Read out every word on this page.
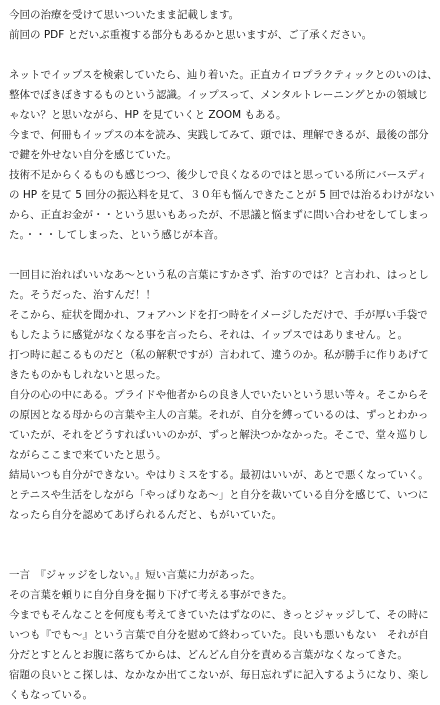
今回の治療を受けて思いついたまま記載します。
前回の PDF とだいぶ重複する部分もあるかと思いますが、ご了承ください。
ネットでイップスを検索していたら、辿り着いた。正直カイロプラクティックとのいのは、
整体でぼきぼきするものという認識。イップスって、メンタルトレーニングとかの領域じ
ゃない？と思いながら、HP を見ていくと ZOOM もある。
今まで、何冊もイップスの本を読み、実践してみて、頭では、理解できるが、最後の部分
で鍵を外せない自分を感じていた。
技術不足からくるものも感じつつ、後少しで良くなるのではと思っている所にバースディ
の HP を見て 5 回分の振込料を見て、３０年も悩んできたことが 5 回では治るわけがない
から、正直お金が・・という思いもあったが、不思議と悩まずに問い合わせをしてしまっ
た。・・・してしまった、という感じが本音。
一回目に治ればいいなあ〜という私の言葉にすかさず、治すのでは？と言われ、はっとし
た。そうだった、治すんだ！！
そこから、症状を聞かれ、フォアハンドを打つ時をイメージしただけで、手が厚い手袋で
もしたように感覚がなくなる事を言ったら、それは、イップスではありません。と。
打つ時に起こるものだと（私の解釈ですが）言われて、違うのか。私が勝手に作りあげて
きたものかもしれないと思った。
自分の心の中にある。プライドや他者からの良き人でいたいという思い等々。そこからそ
の原因となる母からの言葉や主人の言葉。それが、自分を縛っているのは、ずっとわかっ
ていたが、それをどうすればいいのかが、ずっと解決つかなかった。そこで、堂々巡りし
ながらここまで来ていたと思う。
結局いつも自分ができない。やはりミスをする。最初はいいが、あとで悪くなっていく。
とテニスや生活をしながら「やっぱりなあ〜」と自分を裁いている自分を感じて、いつに
なったら自分を認めてあげられるんだと、もがいていた。
一言　『ジャッジをしない。』短い言葉に力があった。
その言葉を頼りに自分自身を掘り下げて考える事ができた。
今までもそんなことを何度も考えてきていたはずなのに、きっとジャッジして、その時に
いつも『でも〜』という言葉で自分を慰めて終わっていた。良いも悪いもない　それが自
分だとすとんとお腹に落ちてからは、どんどん自分を責める言葉がなくなってきた。
宿題の良いとこ探しは、なかなか出てこないが、毎日忘れずに記入するようになり、楽し
くもなっている。
